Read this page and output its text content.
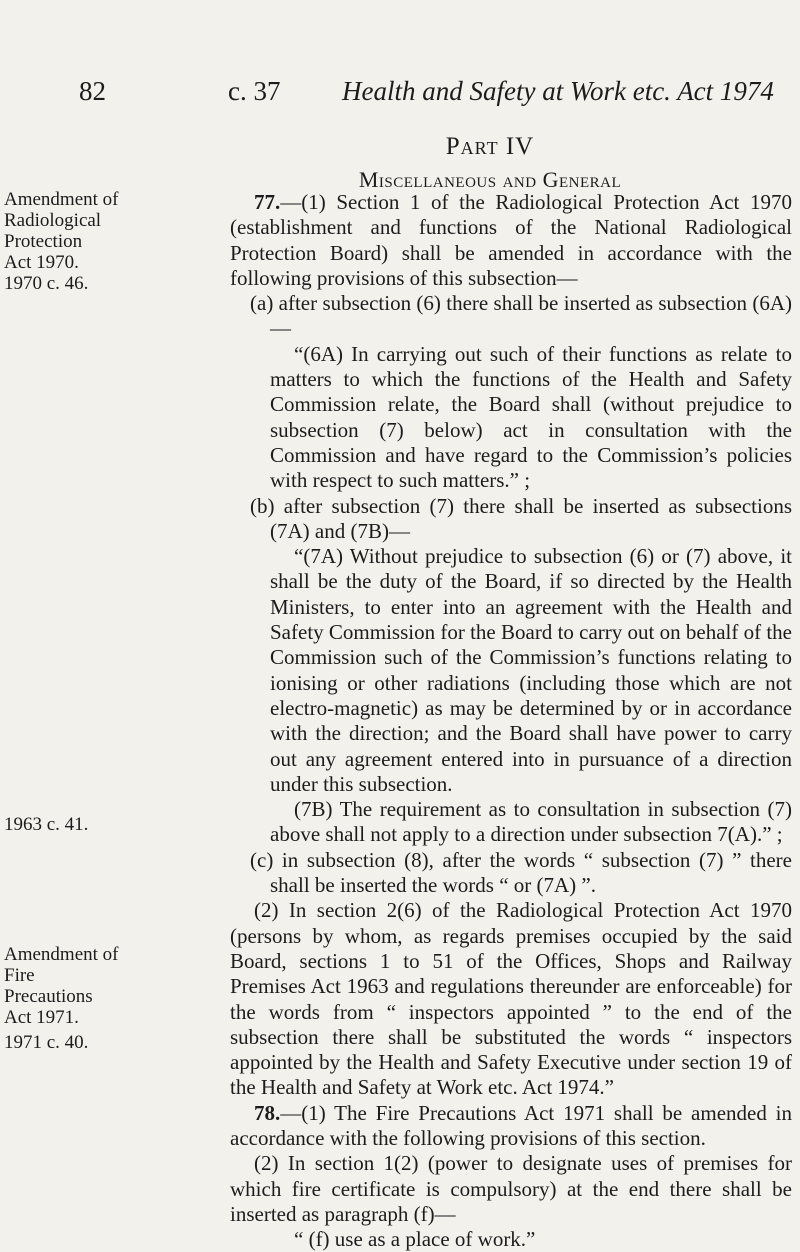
82	c. 37 Health and Safety at Work etc. Act 1974
Part IV
Miscellaneous and General
Amendment of
Radiological
Protection
Act 1970.
1970 c. 46.
1963 c. 41.
Amendment of
Fire
Precautions
Act 1971.
1971 c. 40.

77.—(1) Section 1 of the Radiological Protection Act 1970 (establishment and functions of the National Radiological Protection Board) shall be amended in accordance with the following provisions of this subsection—

(a) after subsection (6) there shall be inserted as subsection (6A)—

“(6A) In carrying out such of their functions as relate to matters to which the functions of the Health and Safety Commission relate, the Board shall (without prejudice to subsection (7) below) act in consultation with the Commission and have regard to the Commission’s policies with respect to such matters.” ;

(b) after subsection (7) there shall be inserted as subsections (7A) and (7B)—

“(7A) Without prejudice to subsection (6) or (7) above, it shall be the duty of the Board, if so directed by the Health Ministers, to enter into an agreement with the Health and Safety Commission for the Board to carry out on behalf of the Commission such of the Commission’s functions relating to ionising or other radiations (including those which are not electro-magnetic) as may be determined by or in accordance with the direction; and the Board shall have power to carry out any agreement entered into in pursuance of a direction under this subsection.

(7B) The requirement as to consultation in subsection (7) above shall not apply to a direction under subsection 7(A).” ;

(c) in subsection (8), after the words “ subsection (7) ” there shall be inserted the words “ or (7A) ”.

(2) In section 2(6) of the Radiological Protection Act 1970 (persons by whom, as regards premises occupied by the said Board, sections 1 to 51 of the Offices, Shops and Railway Premises Act 1963 and regulations thereunder are enforceable) for the words from “ inspectors appointed ” to the end of the subsection there shall be substituted the words “ inspectors appointed by the Health and Safety Executive under section 19 of the Health and Safety at Work etc. Act 1974.”

78.—(1) The Fire Precautions Act 1971 shall be amended in accordance with the following provisions of this section.

(2) In section 1(2) (power to designate uses of premises for which fire certificate is compulsory) at the end there shall be inserted as paragraph (f)—

“ (f) use as a place of work.”
